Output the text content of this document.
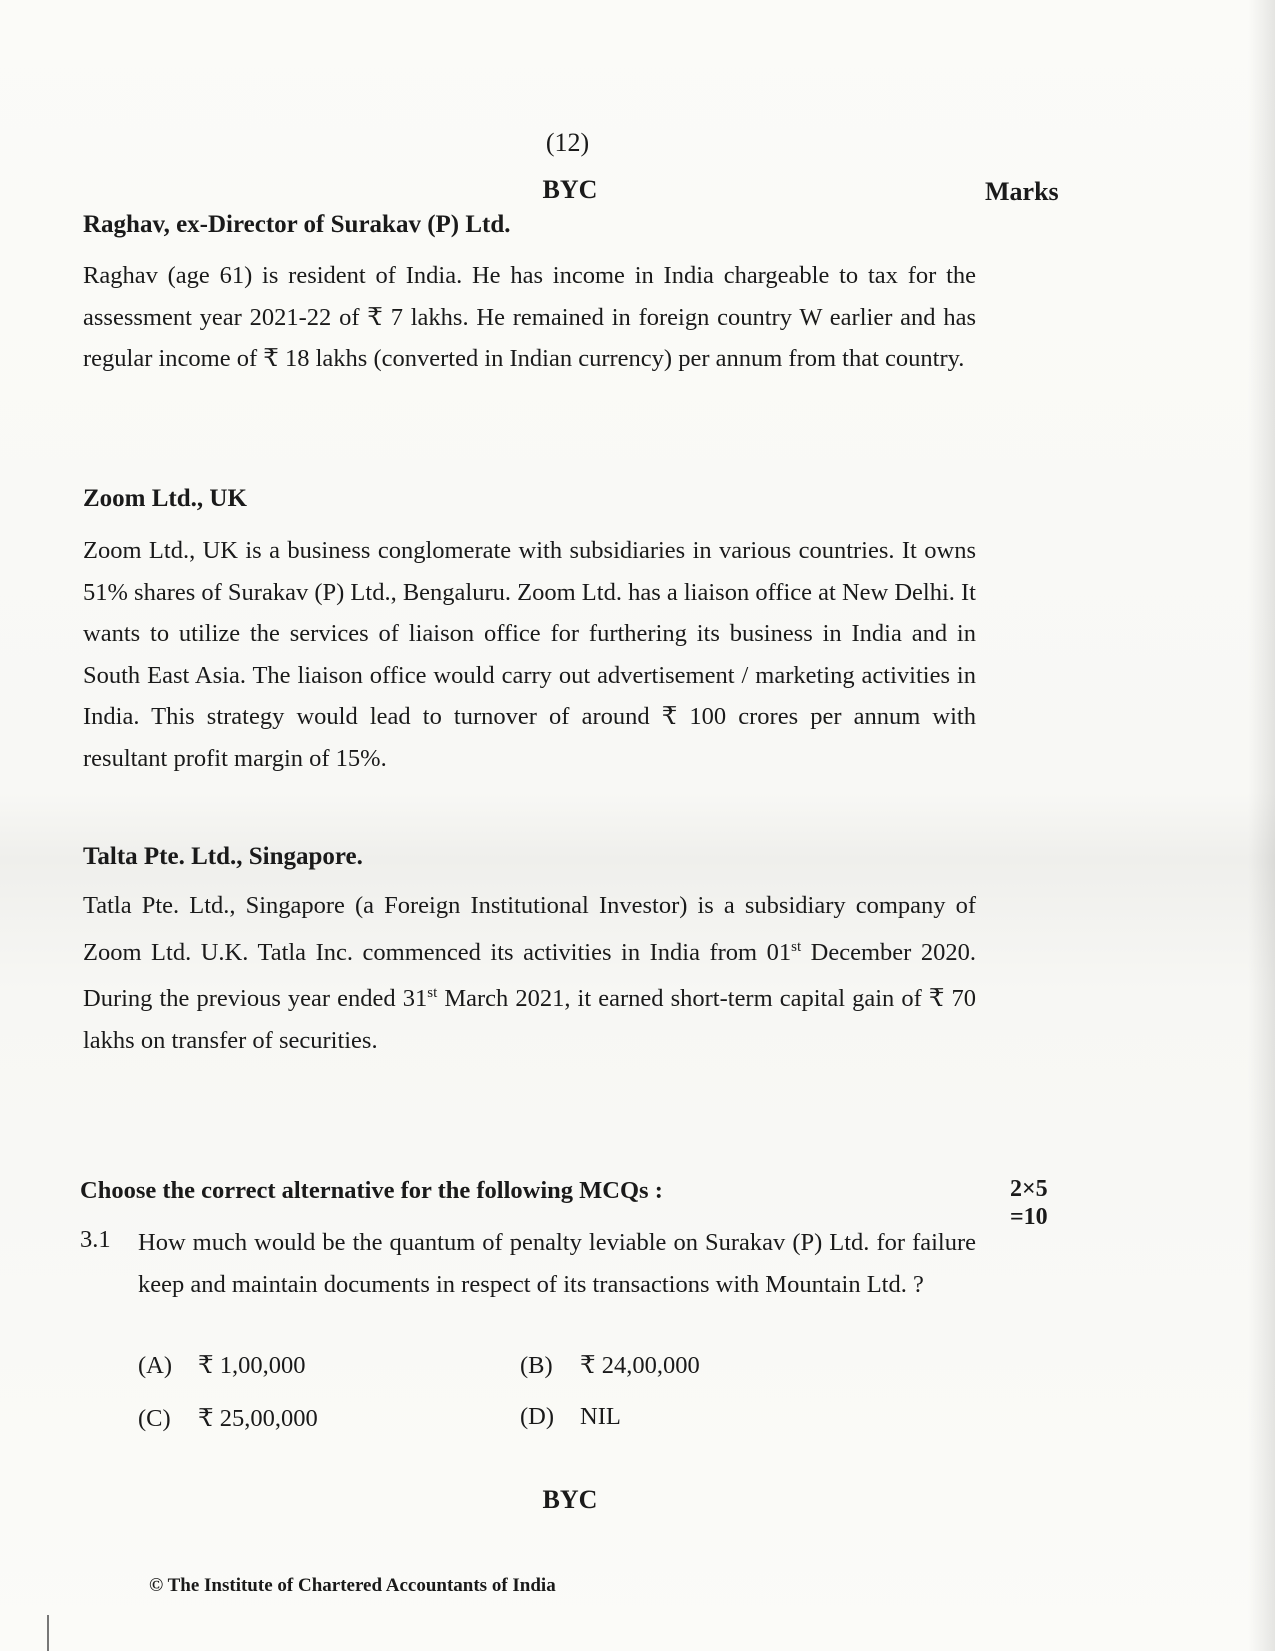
(12)
BYC	Marks
Raghav, ex-Director of Surakav (P) Ltd.
Raghav (age 61) is resident of India. He has income in India chargeable to tax for the assessment year 2021-22 of ₹ 7 lakhs. He remained in foreign country W earlier and has regular income of ₹ 18 lakhs (converted in Indian currency) per annum from that country.
Zoom Ltd., UK
Zoom Ltd., UK is a business conglomerate with subsidiaries in various countries. It owns 51% shares of Surakav (P) Ltd., Bengaluru. Zoom Ltd. has a liaison office at New Delhi. It wants to utilize the services of liaison office for furthering its business in India and in South East Asia. The liaison office would carry out advertisement / marketing activities in India. This strategy would lead to turnover of around ₹ 100 crores per annum with resultant profit margin of 15%.
Talta Pte. Ltd., Singapore.
Tatla Pte. Ltd., Singapore (a Foreign Institutional Investor) is a subsidiary company of Zoom Ltd. U.K. Tatla Inc. commenced its activities in India from 01st December 2020. During the previous year ended 31st March 2021, it earned short-term capital gain of ₹ 70 lakhs on transfer of securities.
Choose the correct alternative for the following MCQs :	2×5
=10
3.1 How much would be the quantum of penalty leviable on Surakav (P) Ltd. for failure keep and maintain documents in respect of its transactions with Mountain Ltd. ?
(A) ₹ 1,00,000	(B) ₹ 24,00,000
(C) ₹ 25,00,000	(D) NIL
BYC
© The Institute of Chartered Accountants of India
